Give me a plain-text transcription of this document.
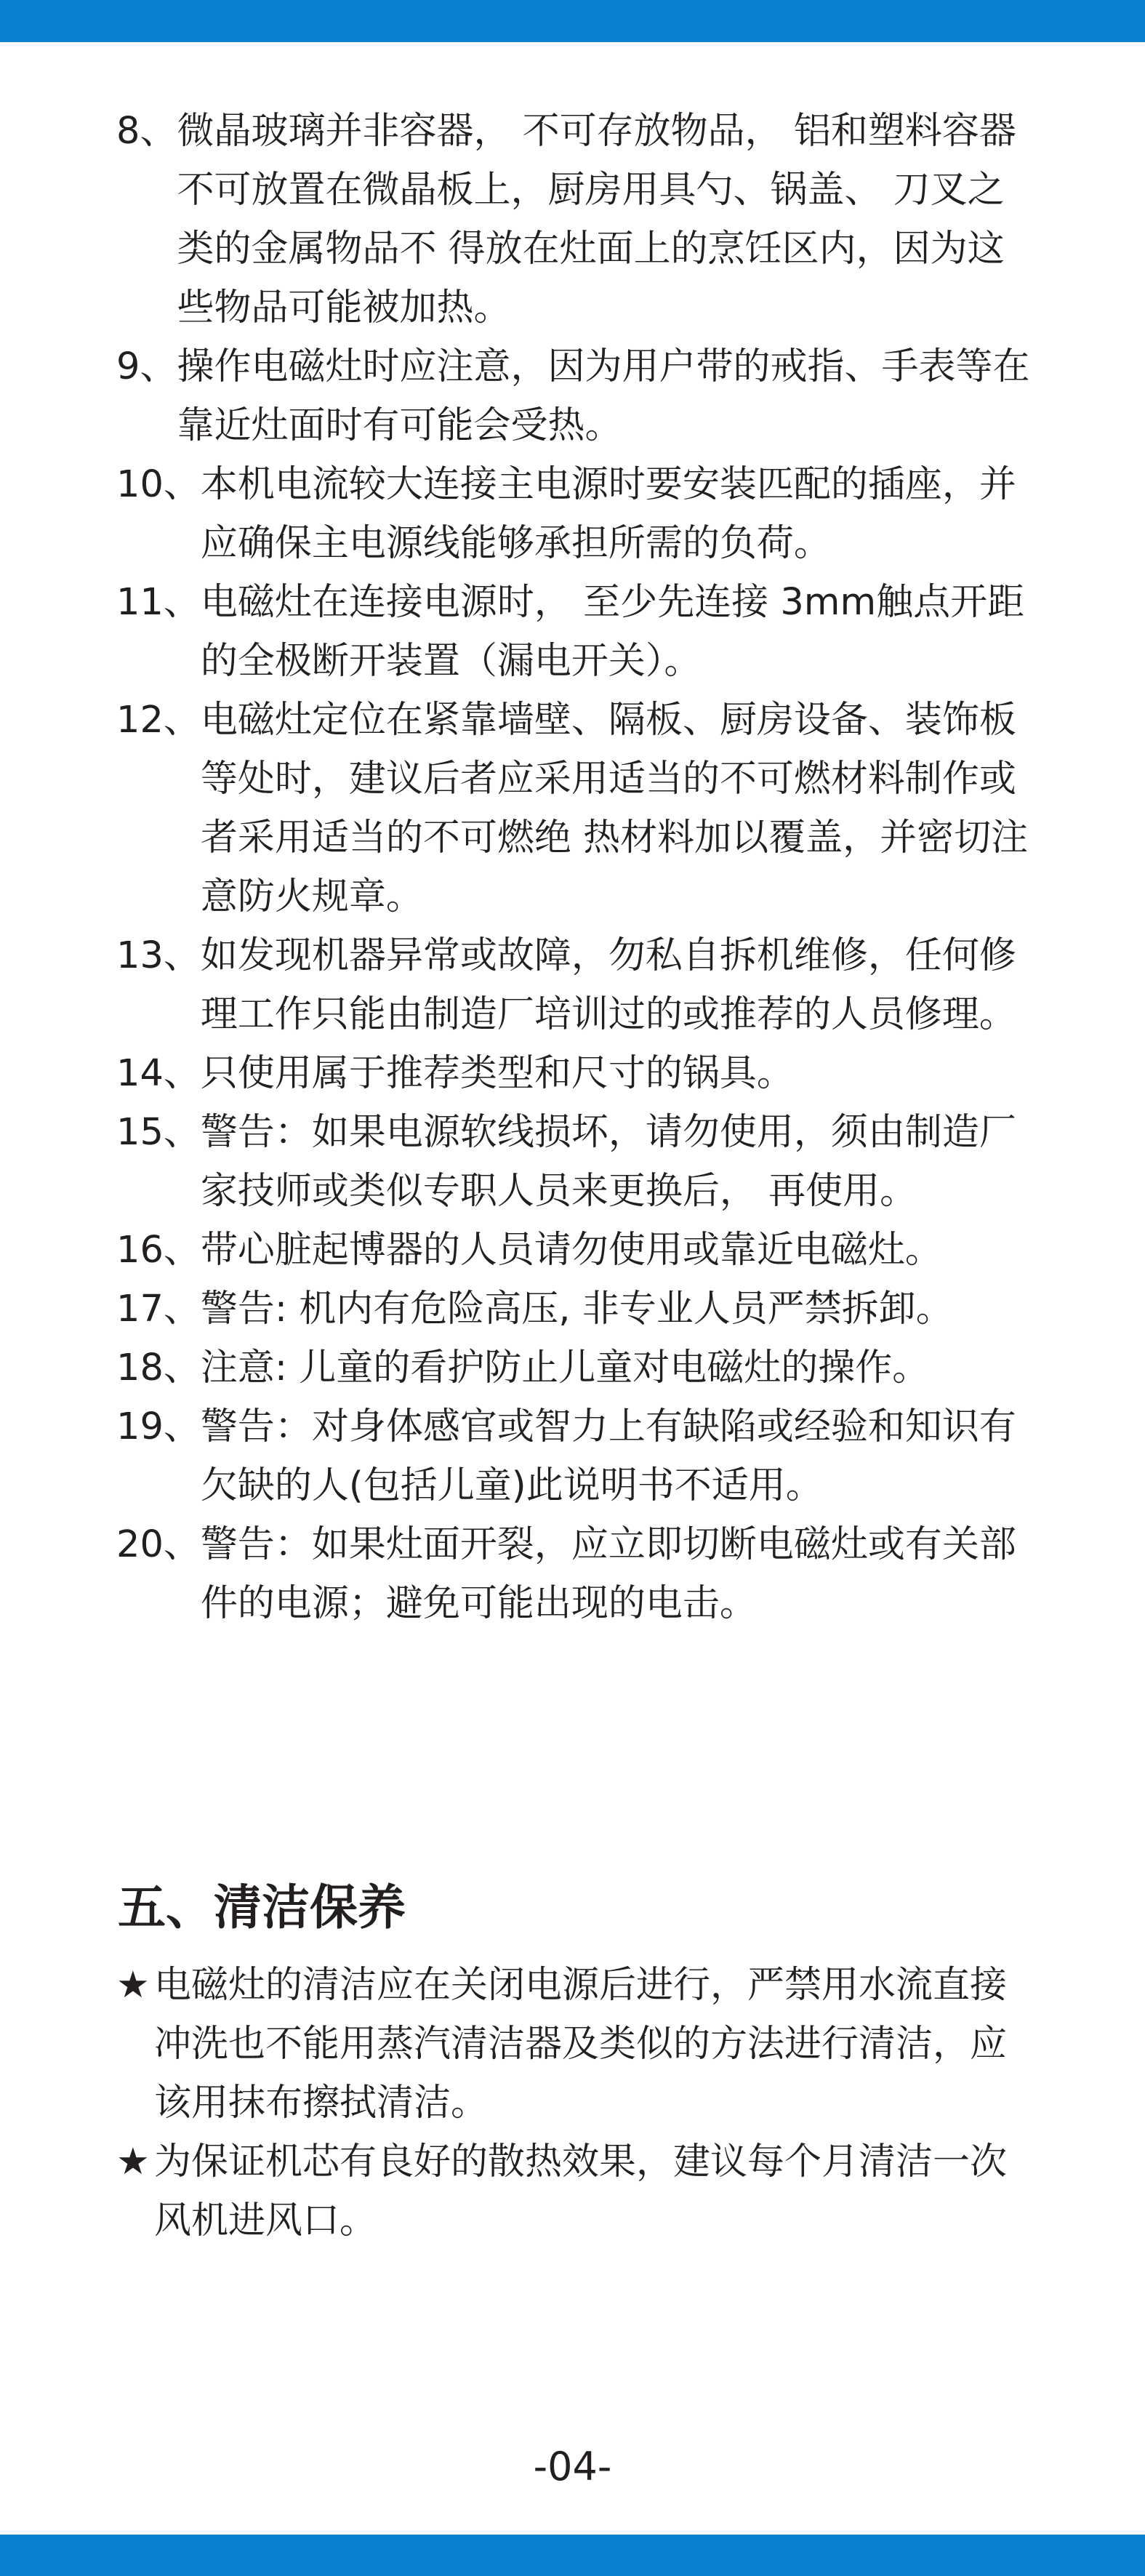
8、 微晶玻璃并非容器， 不可存放物品， 铝和塑料容器不可放置在微晶板上，厨房用具勺、锅盖、 刀叉之类的金属物品不 得放在灶面上的烹饪区内，因为这些物品可能被加热。
9、 操作电磁灶时应注意，因为用户带的戒指、手表等在靠近灶面时有可能会受热。
10、 本机电流较大连接主电源时要安装匹配的插座，并应确保主电源线能够承担所需的负荷。
11、 电磁灶在连接电源时， 至少先连接 3mm触点开距的全极断开装置（漏电开关）。
12、 电磁灶定位在紧靠墙壁、隔板、厨房设备、装饰板等处时，建议后者应采用适当的不可燃材料制作或者采用适当的不可燃绝 热材料加以覆盖，并密切注意防火规章。
13、 如发现机器异常或故障，勿私自拆机维修，任何修理工作只能由制造厂培训过的或推荐的人员修理。
14、 只使用属于推荐类型和尺寸的锅具。
15、 警告：如果电源软线损坏，请勿使用，须由制造厂家技师或类似专职人员来更换后， 再使用。
16、 带心脏起博器的人员请勿使用或靠近电磁灶。
17、 警告: 机内有危险高压, 非专业人员严禁拆卸。
18、 注意: 儿童的看护防止儿童对电磁灶的操作。
19、 警告：对身体感官或智力上有缺陷或经验和知识有欠缺的人(包括儿童)此说明书不适用。
20、 警告：如果灶面开裂，应立即切断电磁灶或有关部件的电源；避免可能出现的电击。
五、清洁保养
★ 电磁灶的清洁应在关闭电源后进行，严禁用水流直接冲洗也不能用蒸汽清洁器及类似的方法进行清洁，应该用抹布擦拭清洁。
★ 为保证机芯有良好的散热效果，建议每个月清洁一次风机进风口。
-04-
